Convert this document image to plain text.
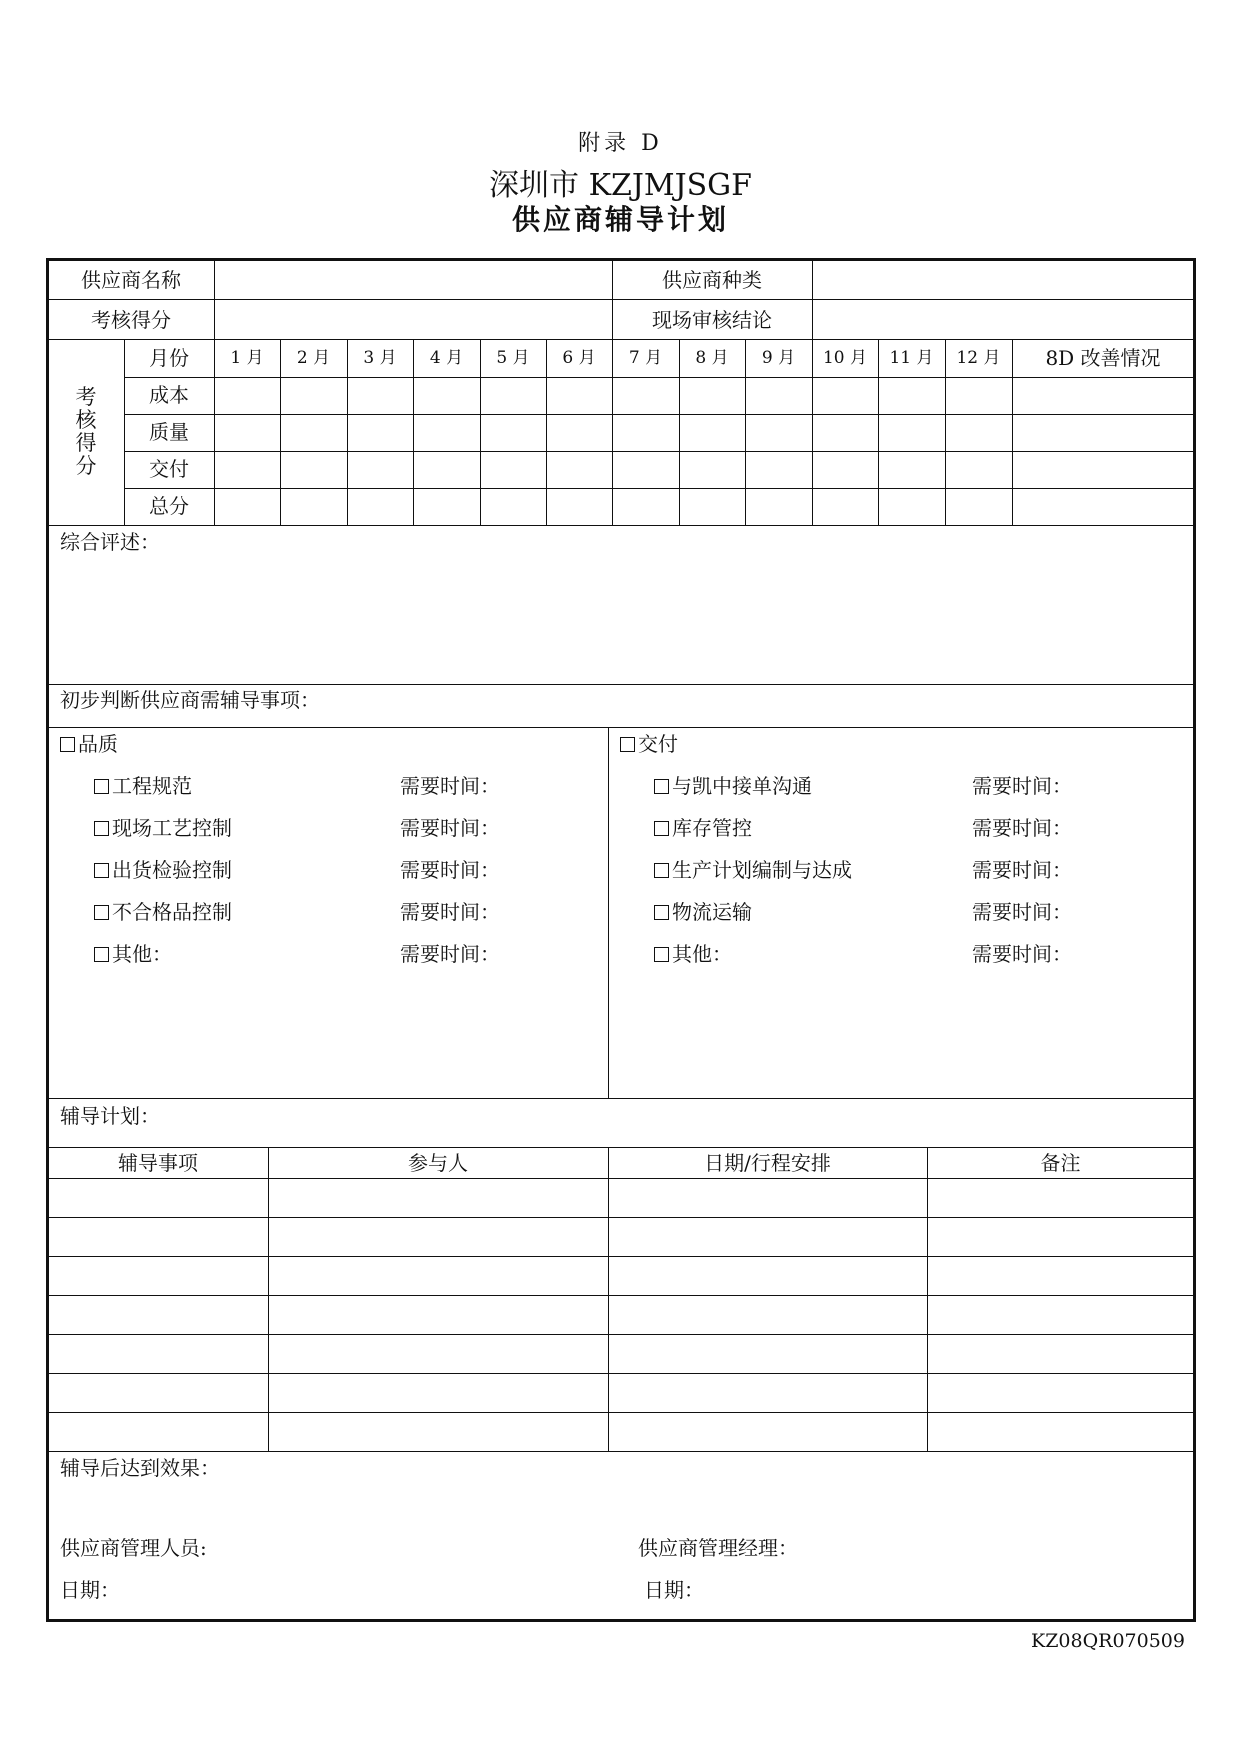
附录 D
深圳市 KZJMJSGF
供应商辅导计划
供应商名称	供应商种类
考核得分	现场审核结论
考
核
得
分
月份	1 月	2 月	3 月	4 月	5 月	6 月	7 月	8 月	9 月	10 月	11 月	12 月	8D 改善情况
成本
质量
交付
总分
综合评述：
初步判断供应商需辅导事项：
品质
工程规范	需要时间：
现场工艺控制	需要时间：
出货检验控制	需要时间：
不合格品控制	需要时间：
其他：	需要时间：
交付
与凯中接单沟通	需要时间：
库存管控	需要时间：
生产计划编制与达成	需要时间：
物流运输	需要时间：
其他：	需要时间：
辅导计划：
辅导事项	参与人	日期/行程安排	备注
辅导后达到效果：
供应商管理人员:	供应商管理经理：
日期：	日期：
KZ08QR070509
